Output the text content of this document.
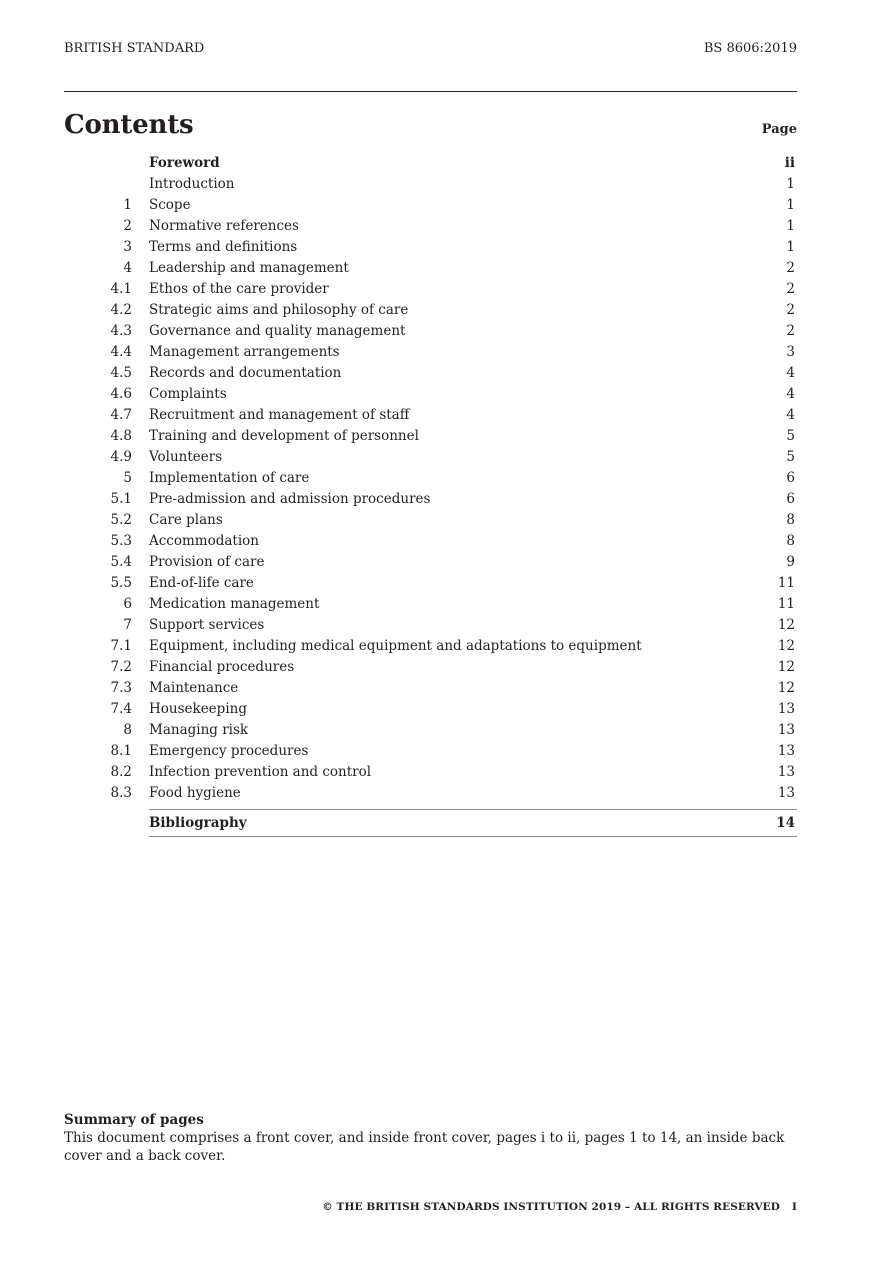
BRITISH STANDARD	BS 8606:2019
Contents	Page
Foreword	ii
Introduction	1
1 Scope	1
2 Normative references	1
3 Terms and definitions	1
4 Leadership and management	2
4.1 Ethos of the care provider	2
4.2 Strategic aims and philosophy of care	2
4.3 Governance and quality management	2
4.4 Management arrangements	3
4.5 Records and documentation	4
4.6 Complaints	4
4.7 Recruitment and management of staff	4
4.8 Training and development of personnel	5
4.9 Volunteers	5
5 Implementation of care	6
5.1 Pre-admission and admission procedures	6
5.2 Care plans	8
5.3 Accommodation	8
5.4 Provision of care	9
5.5 End-of-life care	11
6 Medication management	11
7 Support services	12
7.1 Equipment, including medical equipment and adaptations to equipment	12
7.2 Financial procedures	12
7.3 Maintenance	12
7.4 Housekeeping	13
8 Managing risk	13
8.1 Emergency procedures	13
8.2 Infection prevention and control	13
8.3 Food hygiene	13
Bibliography	14
Summary of pages
This document comprises a front cover, and inside front cover, pages i to ii, pages 1 to 14, an inside back cover and a back cover.
© THE BRITISH STANDARDS INSTITUTION 2019 – ALL RIGHTS RESERVED I
